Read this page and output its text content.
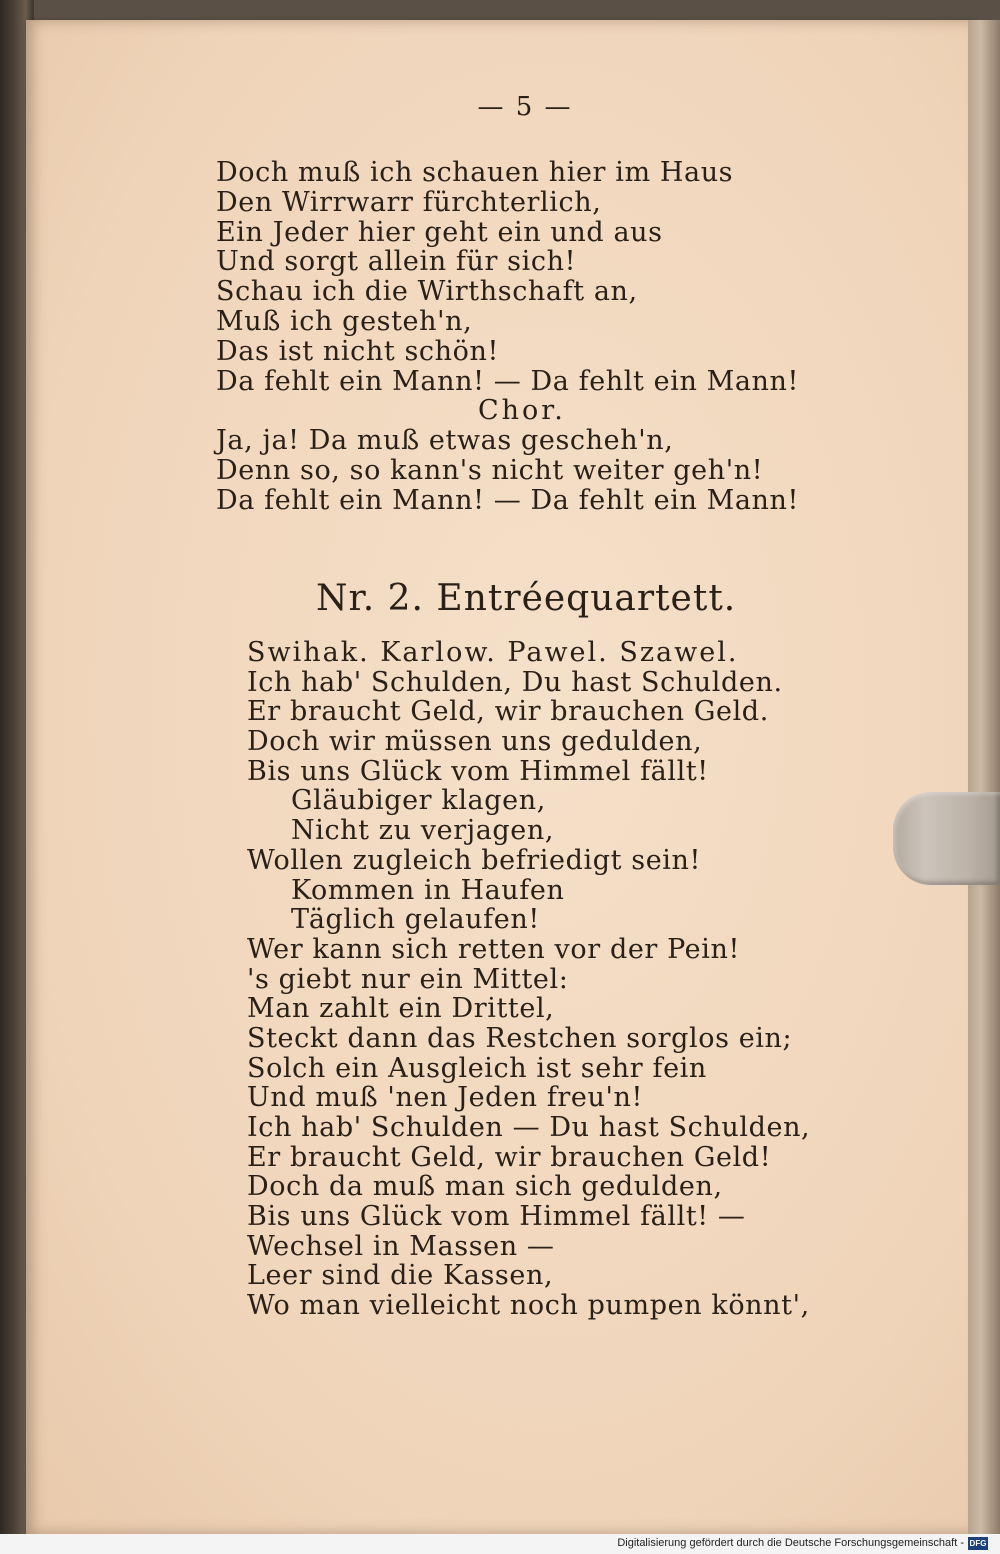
— 5 —
Doch muß ich schauen hier im Haus
Den Wirrwarr fürchterlich,
Ein Jeder hier geht ein und aus
Und sorgt allein für sich!
Schau ich die Wirthschaft an,
Muß ich gesteh'n,
Das ist nicht schön!
Da fehlt ein Mann! — Da fehlt ein Mann!
Chor.
Ja, ja! Da muß etwas gescheh'n,
Denn so, so kann's nicht weiter geh'n!
Da fehlt ein Mann! — Da fehlt ein Mann!
Nr. 2. Entréequartett.
Swihak. Karlow. Pawel. Szawel.
Ich hab' Schulden, Du hast Schulden.
Er braucht Geld, wir brauchen Geld.
Doch wir müssen uns gedulden,
Bis uns Glück vom Himmel fällt!
Gläubiger klagen,
Nicht zu verjagen,
Wollen zugleich befriedigt sein!
Kommen in Haufen
Täglich gelaufen!
Wer kann sich retten vor der Pein!
's giebt nur ein Mittel:
Man zahlt ein Drittel,
Steckt dann das Restchen sorglos ein;
Solch ein Ausgleich ist sehr fein
Und muß 'nen Jeden freu'n!
Ich hab' Schulden — Du hast Schulden,
Er braucht Geld, wir brauchen Geld!
Doch da muß man sich gedulden,
Bis uns Glück vom Himmel fällt! —
Wechsel in Massen —
Leer sind die Kassen,
Wo man vielleicht noch pumpen könnt',
Digitalisierung gefördert durch die Deutsche Forschungsgemeinschaft - DFG
